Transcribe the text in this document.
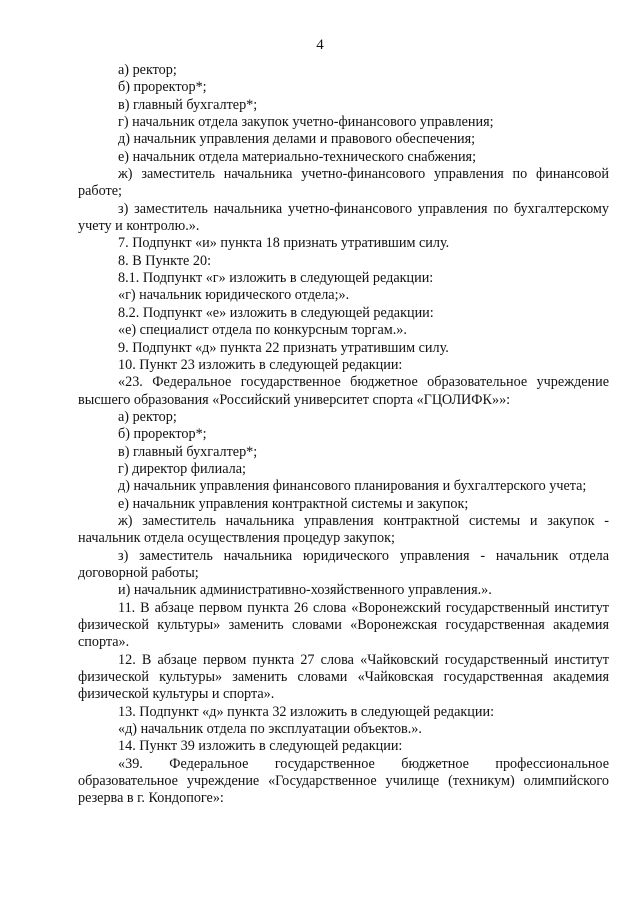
4

а) ректор;

б) проректор*;

в) главный бухгалтер*;

г) начальник отдела закупок учетно-финансового управления;

д) начальник управления делами и правового обеспечения;

е) начальник отдела материально-технического снабжения;

ж) заместитель начальника учетно-финансового управления по финансовой работе;

з) заместитель начальника учетно-финансового управления по бухгалтерскому учету и контролю.».

7. Подпункт «и» пункта 18 признать утратившим силу.

8. В Пункте 20:

8.1. Подпункт «г» изложить в следующей редакции:

«г) начальник юридического отдела;».

8.2. Подпункт «е» изложить в следующей редакции:

«е) специалист отдела по конкурсным торгам.».

9. Подпункт «д» пункта 22 признать утратившим силу.

10. Пункт 23 изложить в следующей редакции:

«23. Федеральное государственное бюджетное образовательное учреждение высшего образования «Российский университет спорта «ГЦОЛИФК»»:

а) ректор;

б) проректор*;

в) главный бухгалтер*;

г) директор филиала;

д) начальник управления финансового планирования и бухгалтерского учета;

е) начальник управления контрактной системы и закупок;

ж) заместитель начальника управления контрактной системы и закупок - начальник отдела осуществления процедур закупок;

з) заместитель начальника юридического управления - начальник отдела договорной работы;

и) начальник административно-хозяйственного управления.».

11. В абзаце первом пункта 26 слова «Воронежский государственный институт физической культуры» заменить словами «Воронежская государственная академия спорта».

12. В абзаце первом пункта 27 слова «Чайковский государственный институт физической культуры» заменить словами «Чайковская государственная академия физической культуры и спорта».

13. Подпункт «д» пункта 32 изложить в следующей редакции:

«д) начальник отдела по эксплуатации объектов.».

14. Пункт 39 изложить в следующей редакции:

«39. Федеральное государственное бюджетное профессиональное образовательное учреждение «Государственное училище (техникум) олимпийского резерва в г. Кондопоге»:
